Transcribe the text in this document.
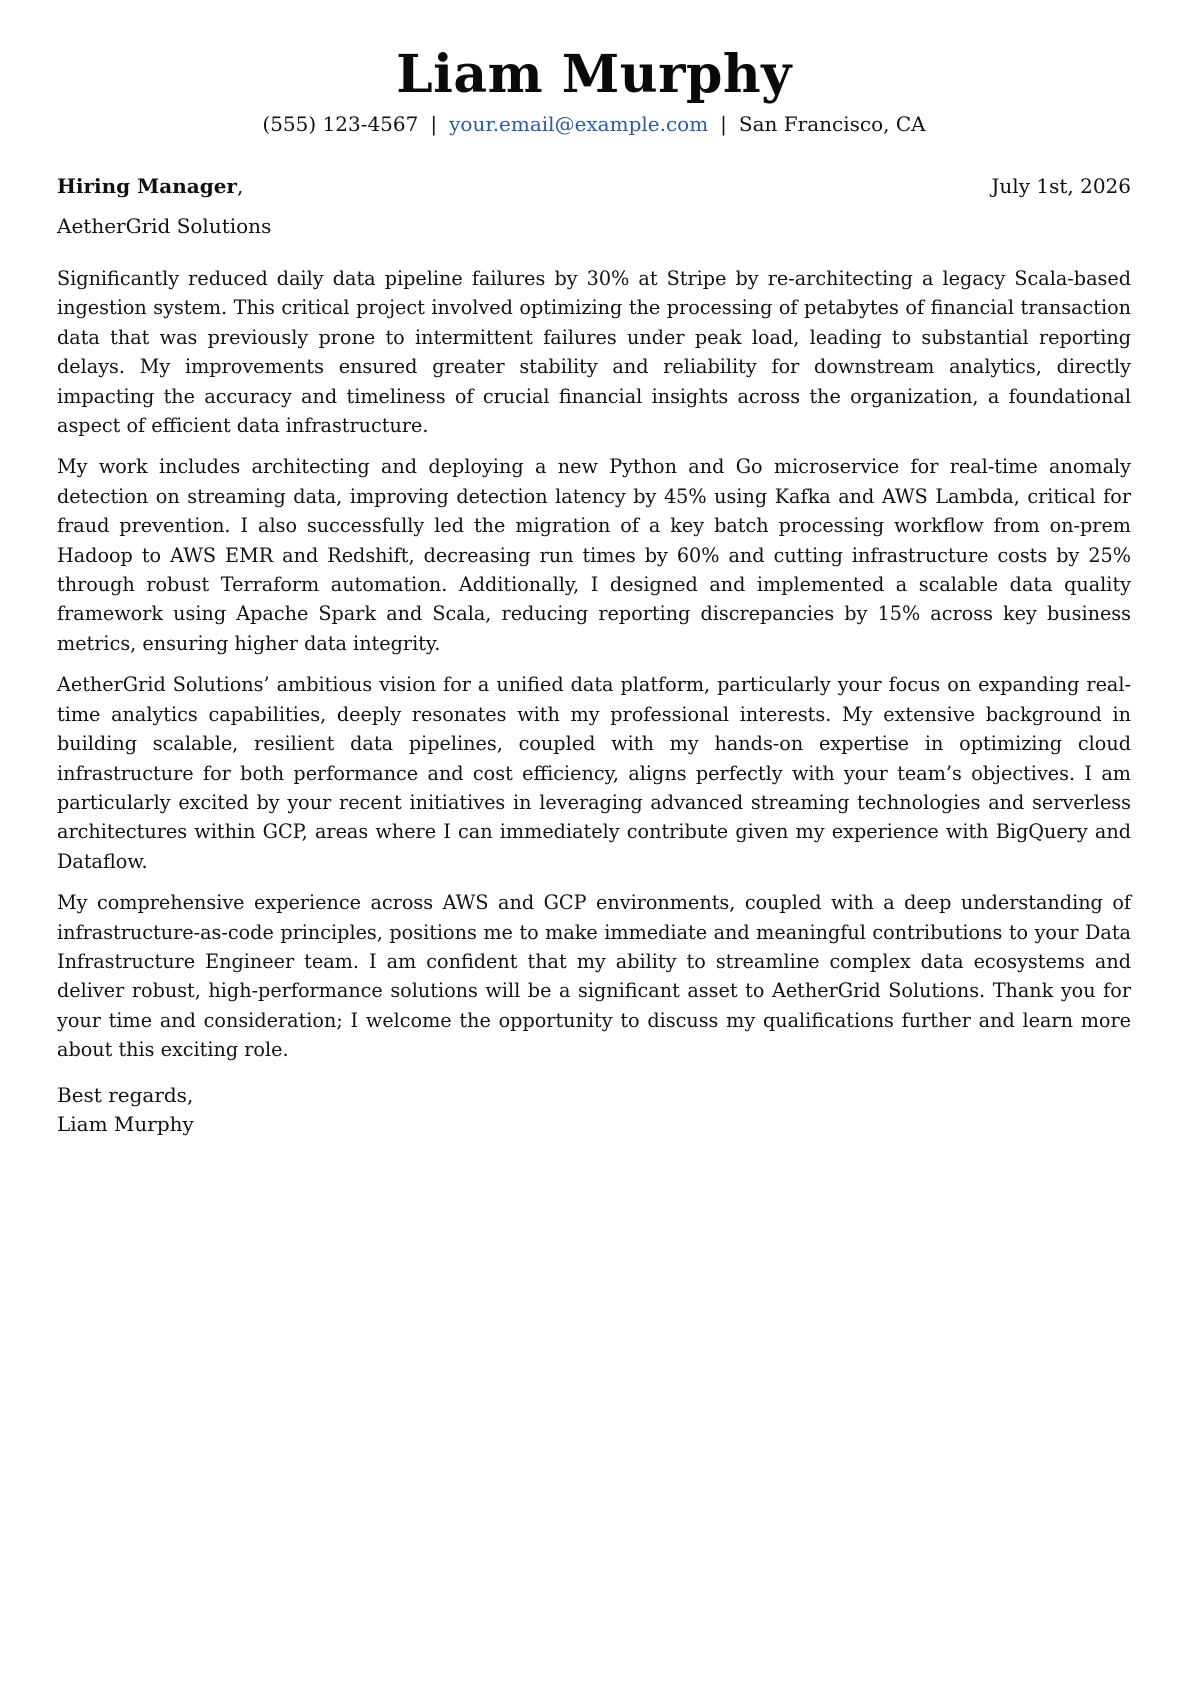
Liam Murphy
(555) 123-4567 | your.email@example.com | San Francisco, CA
Hiring Manager,	July 1st, 2026
AetherGrid Solutions

Significantly reduced daily data pipeline failures by 30% at Stripe by re-architecting a legacy Scala-based ingestion system. This critical project involved optimizing the processing of petabytes of financial transaction data that was previously prone to intermittent failures under peak load, leading to substantial reporting delays. My improvements ensured greater stability and reliability for downstream analytics, directly impacting the accuracy and timeliness of crucial financial insights across the organization, a foundational aspect of efficient data infrastructure.

My work includes architecting and deploying a new Python and Go microservice for real-time anomaly detection on streaming data, improving detection latency by 45% using Kafka and AWS Lambda, critical for fraud prevention. I also successfully led the migration of a key batch processing workflow from on-prem Hadoop to AWS EMR and Redshift, decreasing run times by 60% and cutting infrastructure costs by 25% through robust Terraform automation. Additionally, I designed and implemented a scalable data quality framework using Apache Spark and Scala, reducing reporting discrepancies by 15% across key business metrics, ensuring higher data integrity.

AetherGrid Solutions’ ambitious vision for a unified data platform, particularly your focus on expanding real-time analytics capabilities, deeply resonates with my professional interests. My extensive background in building scalable, resilient data pipelines, coupled with my hands-on expertise in optimizing cloud infrastructure for both performance and cost efficiency, aligns perfectly with your team’s objectives. I am particularly excited by your recent initiatives in leveraging advanced streaming technologies and serverless architectures within GCP, areas where I can immediately contribute given my experience with BigQuery and Dataflow.

My comprehensive experience across AWS and GCP environments, coupled with a deep understanding of infrastructure-as-code principles, positions me to make immediate and meaningful contributions to your Data Infrastructure Engineer team. I am confident that my ability to streamline complex data ecosystems and deliver robust, high-performance solutions will be a significant asset to AetherGrid Solutions. Thank you for your time and consideration; I welcome the opportunity to discuss my qualifications further and learn more about this exciting role.

Best regards,
Liam Murphy
